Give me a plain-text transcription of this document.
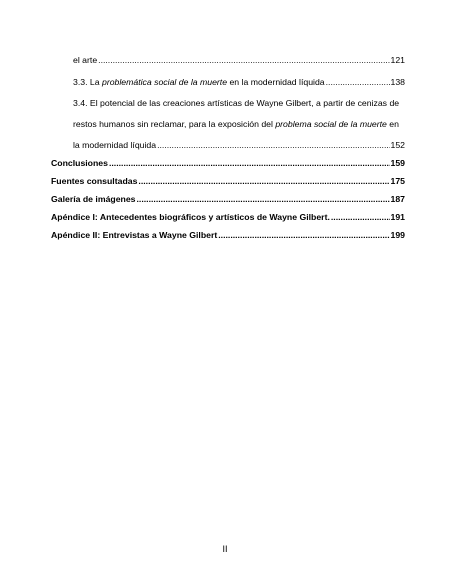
el arte .....	121
3.3. La problemática social de la muerte en la modernidad líquida .....	138
3.4. El potencial de las creaciones artísticas de Wayne Gilbert, a partir de cenizas de
restos humanos sin reclamar, para la exposición del problema social de la muerte en
la modernidad líquida .....	152
Conclusiones .....	159
Fuentes consultadas .....	175
Galería de imágenes .....	187
Apéndice I: Antecedentes biográficos y artísticos de Wayne Gilbert. .....	191
Apéndice II: Entrevistas a Wayne Gilbert .....	199
II
